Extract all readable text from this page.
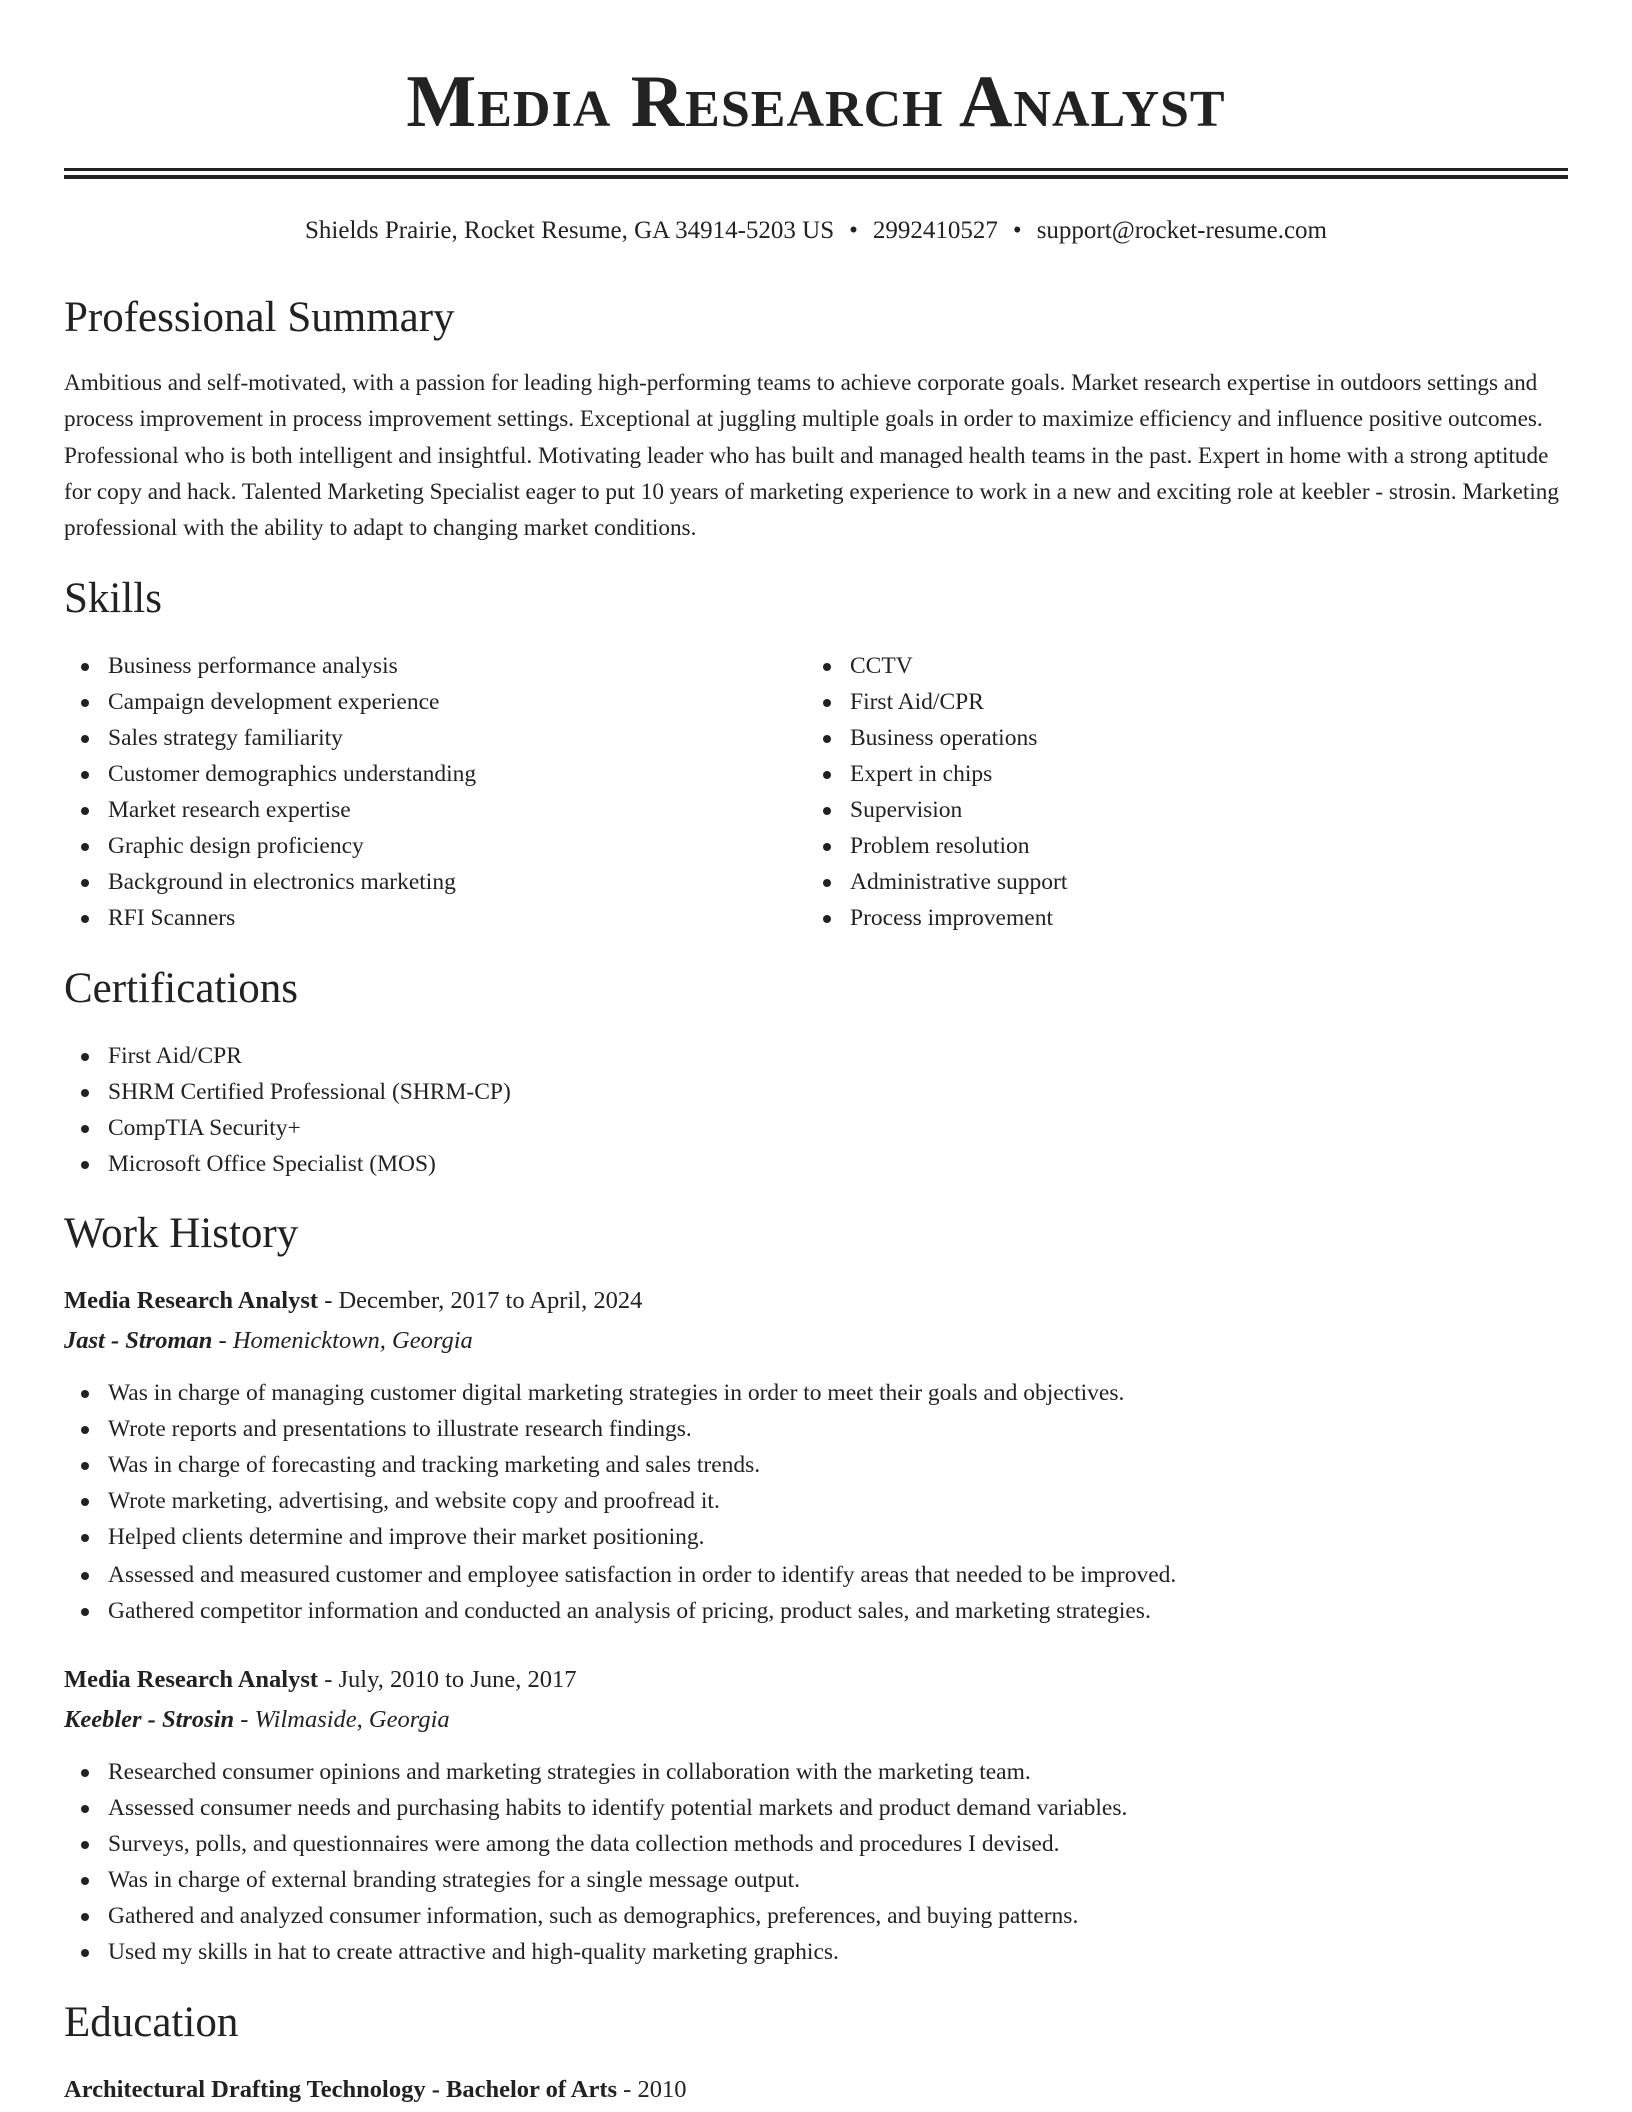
Media Research Analyst
Shields Prairie, Rocket Resume, GA 34914-5203 US • 2992410527 • support@rocket-resume.com
Professional Summary

Ambitious and self-motivated, with a passion for leading high-performing teams to achieve corporate goals. Market research expertise in outdoors settings and process improvement in process improvement settings. Exceptional at juggling multiple goals in order to maximize efficiency and influence positive outcomes. Professional who is both intelligent and insightful. Motivating leader who has built and managed health teams in the past. Expert in home with a strong aptitude for copy and hack. Talented Marketing Specialist eager to put 10 years of marketing experience to work in a new and exciting role at keebler - strosin. Marketing professional with the ability to adapt to changing market conditions.

Skills
Business performance analysis
Campaign development experience
Sales strategy familiarity
Customer demographics understanding
Market research expertise
Graphic design proficiency
Background in electronics marketing
RFI Scanners
CCTV
First Aid/CPR
Business operations
Expert in chips
Supervision
Problem resolution
Administrative support
Process improvement
Certifications
First Aid/CPR
SHRM Certified Professional (SHRM-CP)
CompTIA Security+
Microsoft Office Specialist (MOS)
Work History
Media Research Analyst - December, 2017 to April, 2024
Jast - Stroman - Homenicktown, Georgia
Was in charge of managing customer digital marketing strategies in order to meet their goals and objectives.
Wrote reports and presentations to illustrate research findings.
Was in charge of forecasting and tracking marketing and sales trends.
Wrote marketing, advertising, and website copy and proofread it.
Helped clients determine and improve their market positioning.
Assessed and measured customer and employee satisfaction in order to identify areas that needed to be improved.
Gathered competitor information and conducted an analysis of pricing, product sales, and marketing strategies.
Media Research Analyst - July, 2010 to June, 2017
Keebler - Strosin - Wilmaside, Georgia
Researched consumer opinions and marketing strategies in collaboration with the marketing team.
Assessed consumer needs and purchasing habits to identify potential markets and product demand variables.
Surveys, polls, and questionnaires were among the data collection methods and procedures I devised.
Was in charge of external branding strategies for a single message output.
Gathered and analyzed consumer information, such as demographics, preferences, and buying patterns.
Used my skills in hat to create attractive and high-quality marketing graphics.
Education
Architectural Drafting Technology - Bachelor of Arts - 2010
